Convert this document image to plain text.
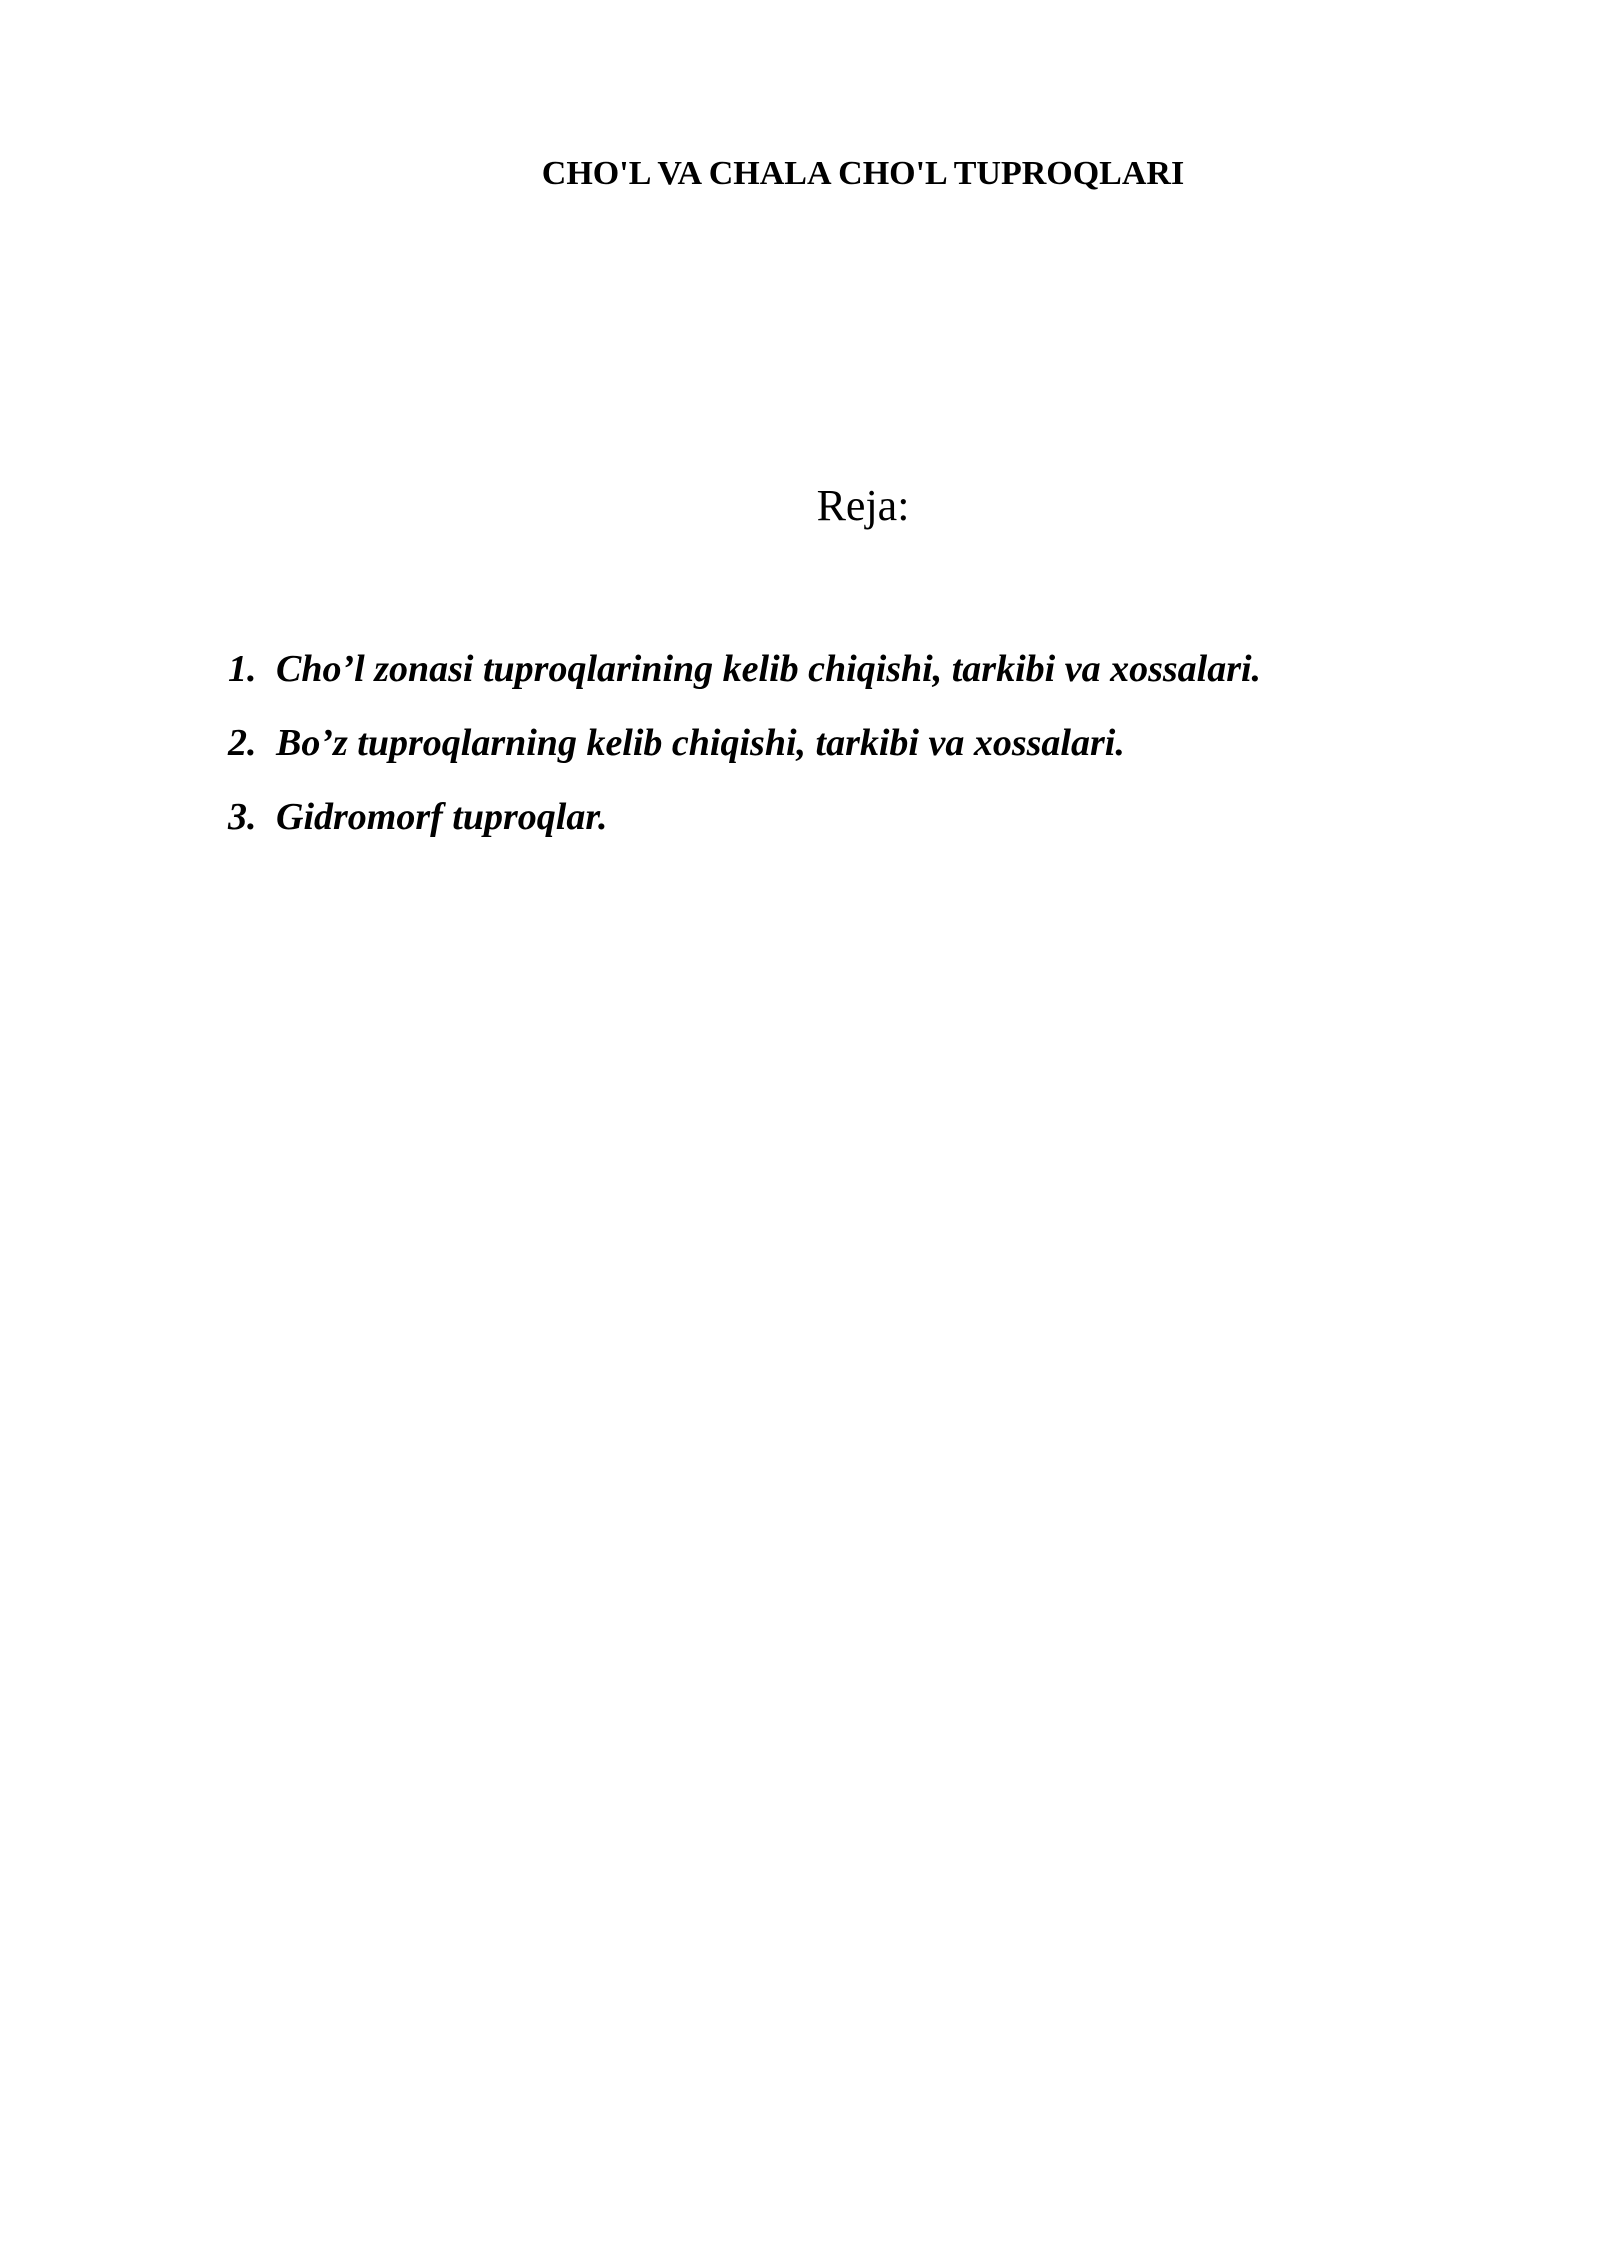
CHO'L VA CHALA CHO'L TUPROQLARI
Reja:
1. Cho’l zonasi tuproqlarining kelib chiqishi, tarkibi va xossalari.
2. Bo’z tuproqlarning kelib chiqishi, tarkibi va xossalari.
3. Gidromorf tuproqlar.
